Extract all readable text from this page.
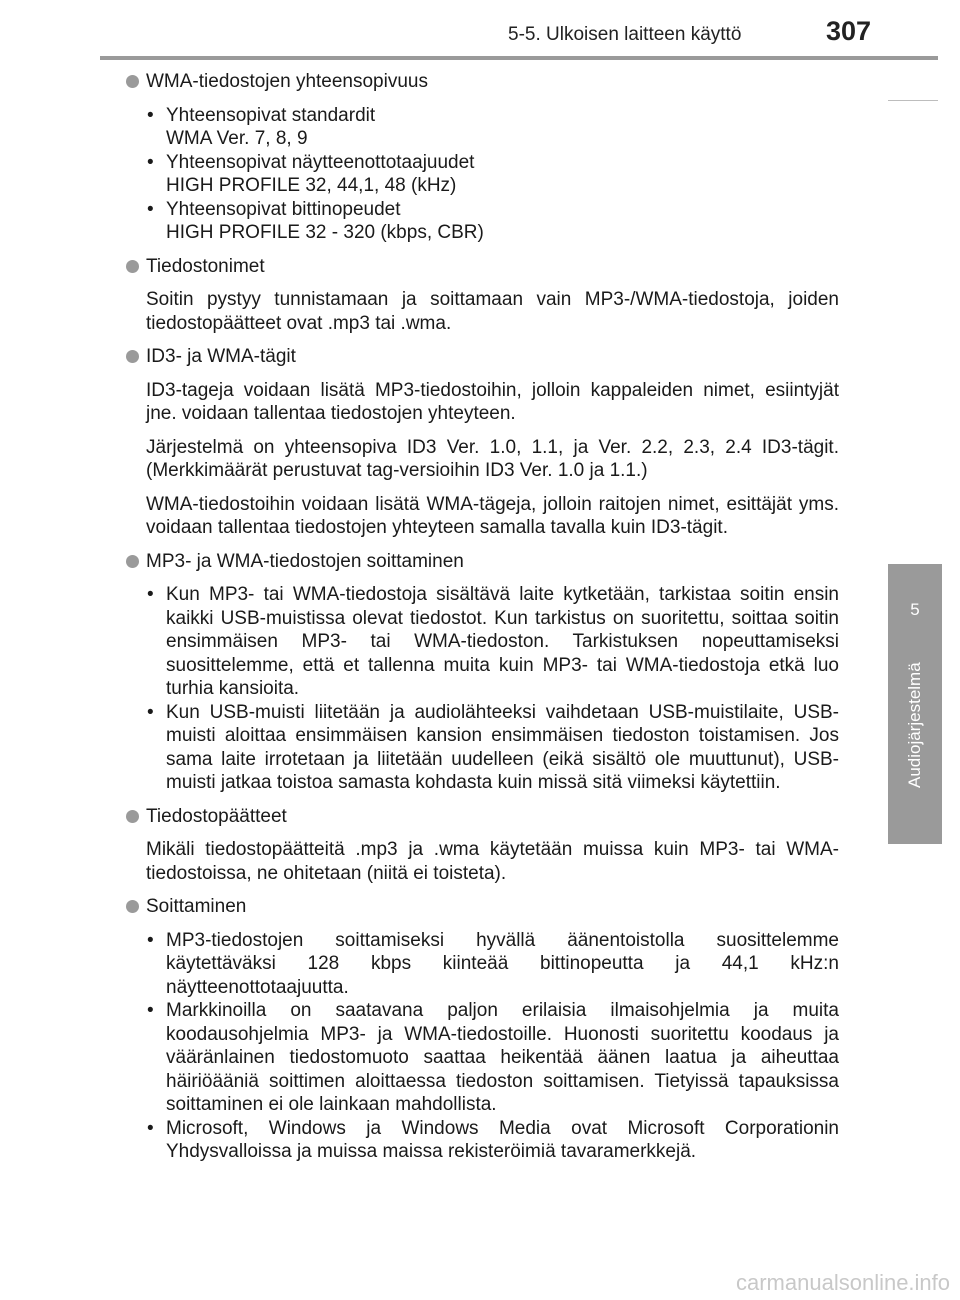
5-5. Ulkoisen laitteen käyttö	307
5
Audiojärjestelmä
WMA-tiedostojen yhteensopivuus
• Yhteensopivat standardit
WMA Ver. 7, 8, 9
• Yhteensopivat näytteenottotaajuudet
HIGH PROFILE 32, 44,1, 48 (kHz)
• Yhteensopivat bittinopeudet
HIGH PROFILE 32 - 320 (kbps, CBR)
Tiedostonimet

Soitin pystyy tunnistamaan ja soittamaan vain MP3-/WMA-tiedostoja, joiden tiedostopäätteet ovat .mp3 tai .wma.

ID3- ja WMA-tägit

ID3-tageja voidaan lisätä MP3-tiedostoihin, jolloin kappaleiden nimet, esiintyjät jne. voidaan tallentaa tiedostojen yhteyteen.

Järjestelmä on yhteensopiva ID3 Ver. 1.0, 1.1, ja Ver. 2.2, 2.3, 2.4 ID3-tägit. (Merkkimäärät perustuvat tag-versioihin ID3 Ver. 1.0 ja 1.1.)

WMA-tiedostoihin voidaan lisätä WMA-tägeja, jolloin raitojen nimet, esittäjät yms. voidaan tallentaa tiedostojen yhteyteen samalla tavalla kuin ID3-tägit.

MP3- ja WMA-tiedostojen soittaminen
• Kun MP3- tai WMA-tiedostoja sisältävä laite kytketään, tarkistaa soitin ensin kaikki USB-muistissa olevat tiedostot. Kun tarkistus on suoritettu, soittaa soitin ensimmäisen MP3- tai WMA-tiedoston. Tarkistuksen nopeuttamiseksi suosittelemme, että et tallenna muita kuin MP3- tai WMA-tiedostoja etkä luo turhia kansioita.
• Kun USB-muisti liitetään ja audiolähteeksi vaihdetaan USB-muistilaite, USB-muisti aloittaa ensimmäisen kansion ensimmäisen tiedoston toistamisen. Jos sama laite irrotetaan ja liitetään uudelleen (eikä sisältö ole muuttunut), USB-muisti jatkaa toistoa samasta kohdasta kuin missä sitä viimeksi käytettiin.
Tiedostopäätteet

Mikäli tiedostopäätteitä .mp3 ja .wma käytetään muissa kuin MP3- tai WMA-tiedostoissa, ne ohitetaan (niitä ei toisteta).

Soittaminen
• MP3-tiedostojen soittamiseksi hyvällä äänentoistolla suosittelemme käytettäväksi 128 kbps kiinteää bittinopeutta ja 44,1 kHz:n näytteenottotaajuutta.
• Markkinoilla on saatavana paljon erilaisia ilmaisohjelmia ja muita koodausohjelmia MP3- ja WMA-tiedostoille. Huonosti suoritettu koodaus ja vääränlainen tiedostomuoto saattaa heikentää äänen laatua ja aiheuttaa häiriöääniä soittimen aloittaessa tiedoston soittamisen. Tietyissä tapauksissa soittaminen ei ole lainkaan mahdollista.
• Microsoft, Windows ja Windows Media ovat Microsoft Corporationin Yhdysvalloissa ja muissa maissa rekisteröimiä tavaramerkkejä.
carmanualsonline.info
